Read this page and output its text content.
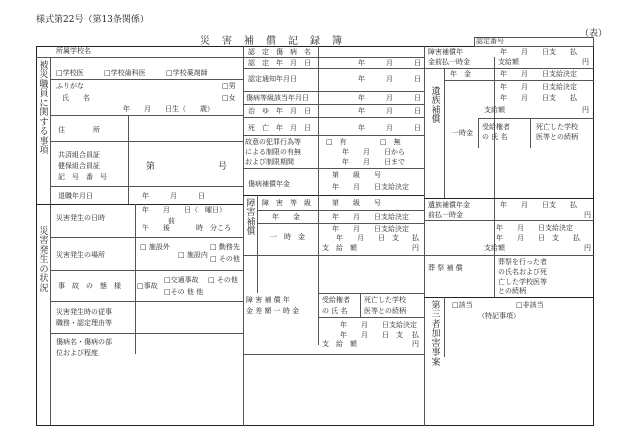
様式第22号（第13条関係）
（表）
災　害　補　償　記　録　簿	認定番号
所属学校名
被災職員に関する事項
□学校医	□学校歯科医	□学校薬剤師
ふりがな	□男
氏　　名	□女
年　　月　　日生（　　歳）
住　　　　所
共済組合員証
健保組合員証
記　号　番　号
第	号
退職年月日	年　　　月　　　日
災害発生の状況
災害発生の日時
年　　月　　日（　曜日）
前
午　　後	時　分ころ
災害発生の場所
□ 施設外
□ 施設内
□ 勤務先
□ その他
事　故　の　態　様 □事故
□交通事故 □ その他
□その 他 他
災害発生時の従事
職務・認定理由等
傷病名・傷病の部
位および程度
認　定　傷　病　名
認　定　年　月　日	年　　　月　　　日
認定通知年月日	年　　　月　　　日
傷病等級該当年月日	年　　　月　　　日
治　ゆ　年　月　日	年　　　月　　　日
死　亡　年　月　日	年　　　月　　　日
故意の犯罪行為等
による制限の有無
および制限期間
□　有	□　無
年　　月　　日から
年　　月　　日まで
傷病補償年金
第　　級　　号
年　　月　　日支給決定
障害補償
障　害　等　級	第　　級　　号
年　　金	年　　月　　日支給決定
一　時　金
年　　月　　日支給決定
年　　月　　日　支 払
支　給　額	円
障 害 補 償 年
金 差 額 一 時 金
受給権者
の 氏 名
死亡した学校
医等との続柄
年　　月　　日支給決定
年　　月　　日　支 払
支　給　額	円
障害補償年
金前払一時金
年　　月　　日支　　払
支給額	円
遺族補償
年　金	年　　月　　日支給決定
年　　月　　日支給決定
年　　月　　日支　　払
支給額	円
一時金
受給権者
の 氏 名
死亡した学校
医等との続柄
遺族補償年金
前払一時金
年　　月　　日支　　払
円
年　　月　　日支給決定
年　　月　　日　支　　払
支給額	円
葬 祭 補 償
葬祭を行った者
の氏名および死
亡した学校医等
との続柄
第三者加害事案
□該当	□非該当
（特記事項）
